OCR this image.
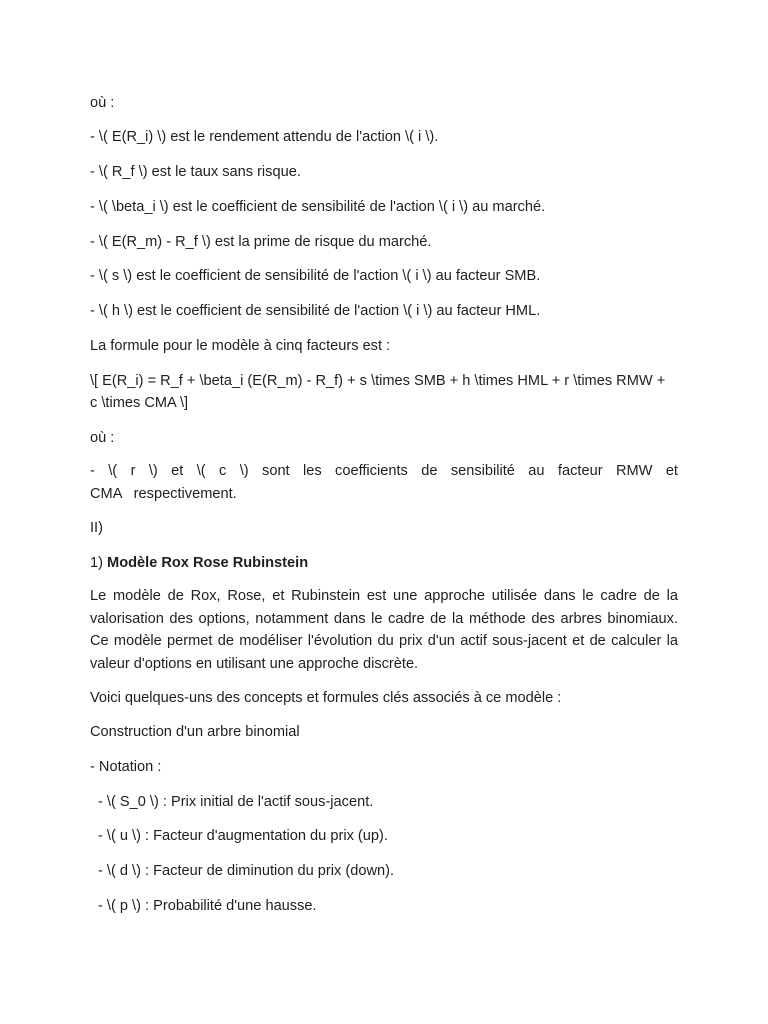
où :
- \( E(R_i) \) est le rendement attendu de l'action \( i \).
- \( R_f \) est le taux sans risque.
- \( \beta_i \) est le coefficient de sensibilité de l'action \( i \) au marché.
- \( E(R_m) - R_f \) est la prime de risque du marché.
- \( s \) est le coefficient de sensibilité de l'action \( i \) au facteur SMB.
- \( h \) est le coefficient de sensibilité de l'action \( i \) au facteur HML.
La formule pour le modèle à cinq facteurs est :
\[ E(R_i) = R_f + \beta_i (E(R_m) - R_f) + s \times SMB + h \times HML + r \times RMW +
c \times CMA \]
où :
- \( r \) et \( c \) sont les coefficients de sensibilité au facteur RMW et CMA respectivement.
II)
1) Modèle Rox Rose Rubinstein
Le modèle de Rox, Rose, et Rubinstein est une approche utilisée dans le cadre de la valorisation des options, notamment dans le cadre de la méthode des arbres binomiaux. Ce modèle permet de modéliser l'évolution du prix d'un actif sous-jacent et de calculer la valeur d'options en utilisant une approche discrète.
Voici quelques-uns des concepts et formules clés associés à ce modèle :
Construction d'un arbre binomial
- Notation :
- \( S_0 \) : Prix initial de l'actif sous-jacent.
- \( u \) : Facteur d'augmentation du prix (up).
- \( d \) : Facteur de diminution du prix (down).
- \( p \) : Probabilité d'une hausse.
